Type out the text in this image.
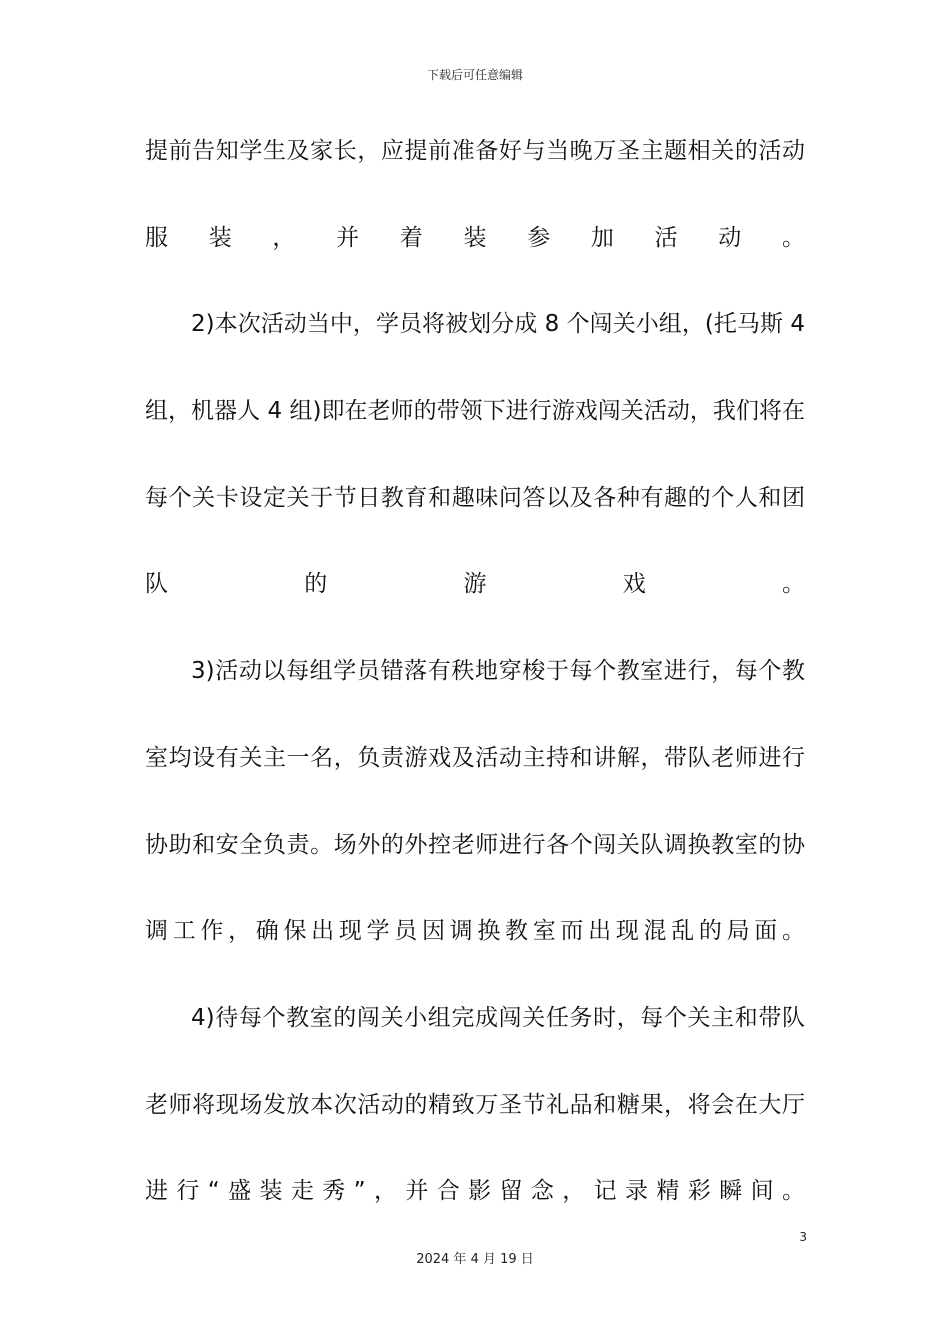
下载后可任意编辑
提前告知学生及家长，应提前准备好与当晚万圣主题相关的活动
服 装 ， 并 着 装 参 加 活 动 。
2)本次活动当中，学员将被划分成 8 个闯关小组，(托马斯 4
组，机器人 4 组)即在老师的带领下进行游戏闯关活动，我们将在
每个关卡设定关于节日教育和趣味问答以及各种有趣的个人和团
队 的 游 戏 。
3)活动以每组学员错落有秩地穿梭于每个教室进行，每个教
室均设有关主一名，负责游戏及活动主持和讲解，带队老师进行
协助和安全负责。场外的外控老师进行各个闯关队调换教室的协
调工作，确保出现学员因调换教室而出现混乱的局面。
4)待每个教室的闯关小组完成闯关任务时，每个关主和带队
老师将现场发放本次活动的精致万圣节礼品和糖果，将会在大厅
进行“盛装走秀”，并合影留念，记录精彩瞬间。
3
2024 年 4 月 19 日
